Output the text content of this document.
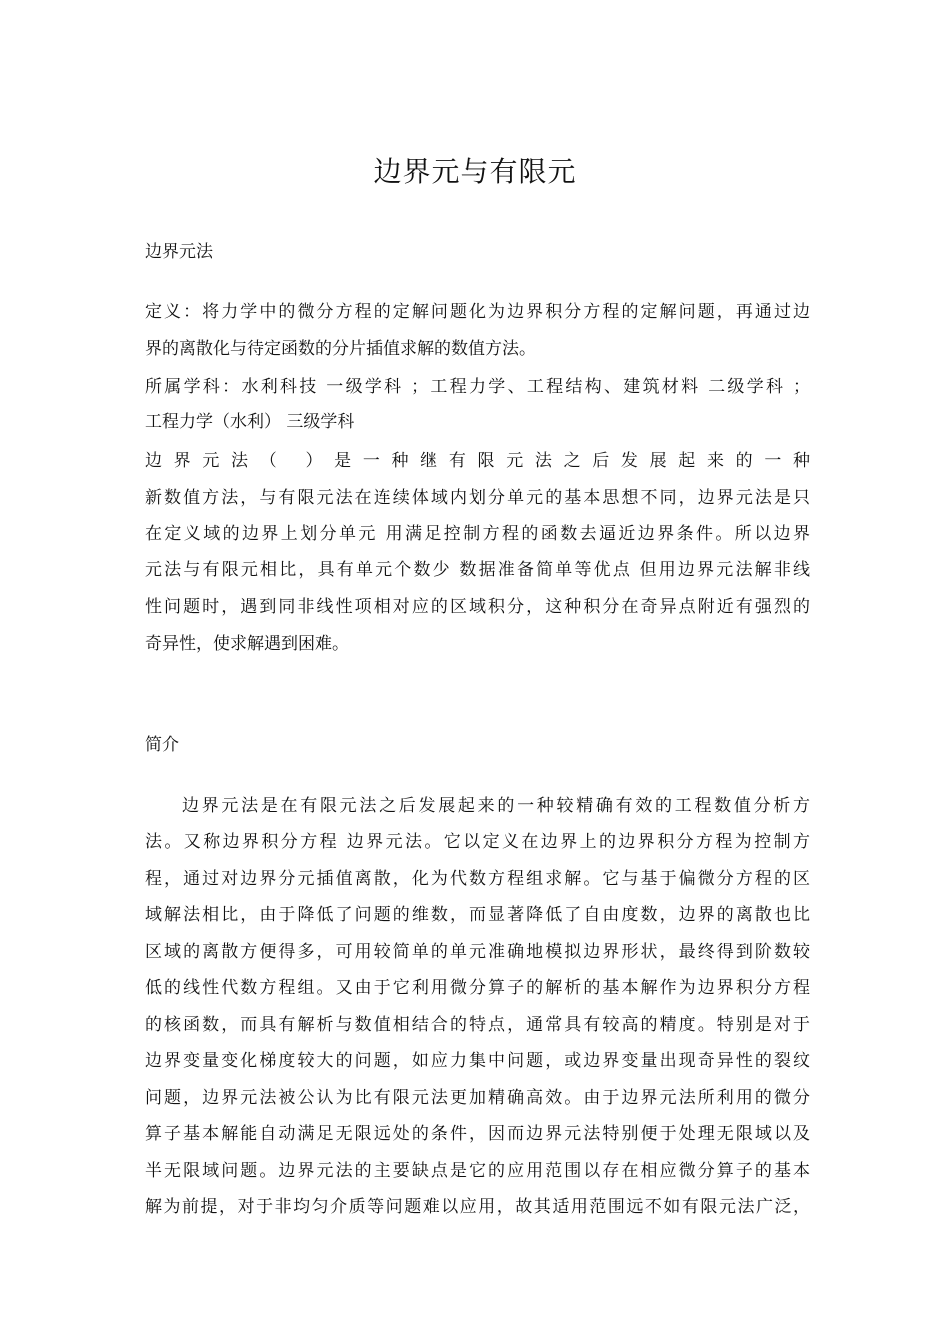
边界元与有限元
边界元法
定义：将力学中的微分方程的定解问题化为边界积分方程的定解问题，再通过边
界的离散化与待定函数的分片插值求解的数值方法。
所属学科：水利科技 一级学科 ；工程力学、工程结构、建筑材料 二级学科 ；
工程力学（水利） 三级学科
边界元法（ ）是一种继有限元法之后发展起来的一种
新数值方法，与有限元法在连续体域内划分单元的基本思想不同，边界元法是只
在定义域的边界上划分单元 用满足控制方程的函数去逼近边界条件。所以边界
元法与有限元相比，具有单元个数少 数据准备简单等优点 但用边界元法解非线
性问题时，遇到同非线性项相对应的区域积分，这种积分在奇异点附近有强烈的
奇异性，使求解遇到困难。
简介
边界元法是在有限元法之后发展起来的一种较精确有效的工程数值分析方
法。又称边界积分方程 边界元法。它以定义在边界上的边界积分方程为控制方
程，通过对边界分元插值离散，化为代数方程组求解。它与基于偏微分方程的区
域解法相比，由于降低了问题的维数，而显著降低了自由度数，边界的离散也比
区域的离散方便得多，可用较简单的单元准确地模拟边界形状，最终得到阶数较
低的线性代数方程组。又由于它利用微分算子的解析的基本解作为边界积分方程
的核函数，而具有解析与数值相结合的特点，通常具有较高的精度。特别是对于
边界变量变化梯度较大的问题，如应力集中问题，或边界变量出现奇异性的裂纹
问题，边界元法被公认为比有限元法更加精确高效。由于边界元法所利用的微分
算子基本解能自动满足无限远处的条件，因而边界元法特别便于处理无限域以及
半无限域问题。边界元法的主要缺点是它的应用范围以存在相应微分算子的基本
解为前提，对于非均匀介质等问题难以应用，故其适用范围远不如有限元法广泛，
